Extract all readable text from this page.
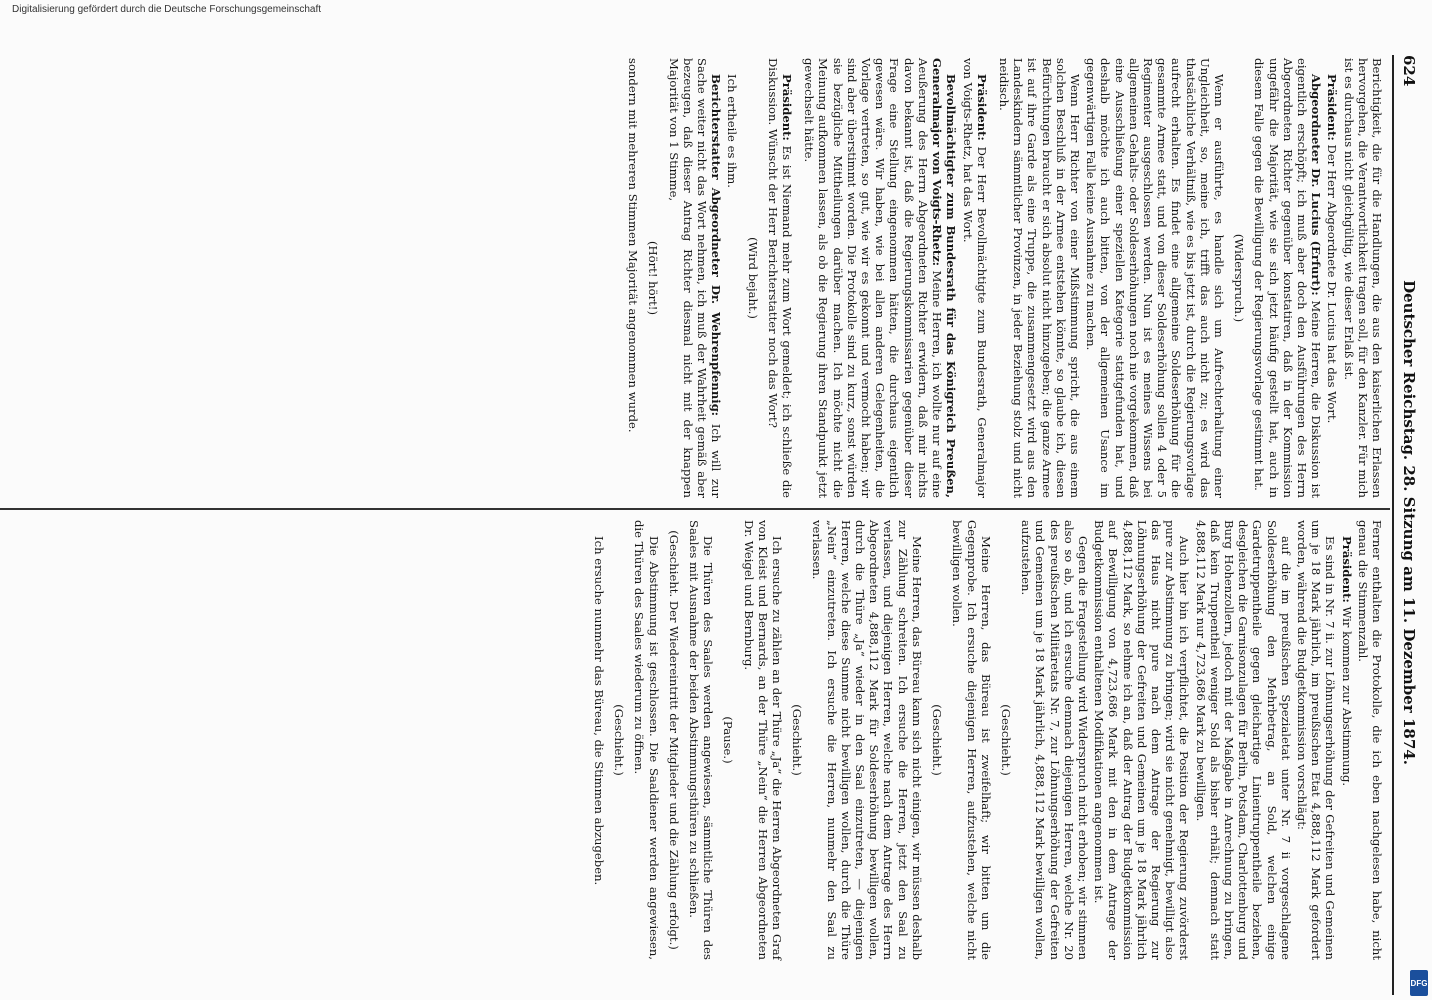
624
Deutscher Reichstag. 28. Sitzung am 11. Dezember 1874.

Berichtigkeit, die für die Handlungen, die aus den kaiserlichen Erlassen hervorgehen, die Verantwortlichkeit tragen soll, für den Kanzler. Für mich ist es durchaus nicht gleichgültig, wie dieser Erlaß ist.

Präsident: Der Herr Abgeordnete Dr. Lucius hat das Wort.

Abgeordneter Dr. Lucius (Erfurt): Meine Herren, die Diskussion ist eigentlich erschöpft; ich muß aber doch den Ausführungen des Herrn Abgeordneten Richter gegenüber konstatiren, daß in der Kommission ungefähr die Majorität, wie sie sich jetzt häufig gestellt hat, auch in diesem Falle gegen die Bewilligung der Regierungsvorlage gestimmt hat.

(Widerspruch.)

Wenn er ausführte, es handle sich um Aufrechterhaltung einer Ungleichheit, so, meine ich, trifft das auch nicht zu; es wird das thatsächliche Verhältniß, wie es bis jetzt ist, durch die Regierungsvorlage aufrecht erhalten. Es findet eine allgemeine Soldeserhöhung für die gesammte Armee statt, und von dieser Soldeserhöhung sollen 4 oder 5 Regimenter ausgeschlossen werden. Nun ist es meines Wissens bei allgemeinen Gehalts- oder Soldeserhöhungen noch nie vorgekommen, daß eine Ausschließung einer speziellen Kategorie stattgefunden hat, und deshalb möchte ich auch bitten, von der allgemeinen Usance im gegenwärtigen Falle keine Ausnahme zu machen.

Wenn Herr Richter von einer Mißstimmung spricht, die aus einem solchen Beschluß in der Armee entstehen könnte, so glaube ich, diesen Befürchtungen braucht er sich absolut nicht hinzugeben; die ganze Armee ist auf ihre Garde als eine Truppe, die zusammengesetzt wird aus den Landeskindern sämmtlicher Provinzen, in jeder Beziehung stolz und nicht neidisch.

Präsident: Der Herr Bevollmächtigte zum Bundesrath, Generalmajor von Voigts-Rhetz, hat das Wort.

Bevollmächtigter zum Bundesrath für das Königreich Preußen, Generalmajor von Voigts-Rhetz: Meine Herren, ich wollte nur auf eine Aeußerung des Herrn Abgeordneten Richter erwidern, daß mir nichts davon bekannt ist, daß die Regierungskommissarien gegenüber dieser Frage eine Stellung eingenommen hätten, die durchaus eigentlich gewesen wäre. Wir haben, wie bei allen anderen Gelegenheiten, die Vorlage vertreten, so gut, wie wir es gekonnt und vermocht haben; wir sind aber überstimmt worden. Die Protokolle sind zu kurz, sonst würden sie bezügliche Mittheilungen darüber machen. Ich möchte nicht die Meinung aufkommen lassen, als ob die Regierung ihren Standpunkt jetzt gewechselt hätte.

Präsident: Es ist Niemand mehr zum Wort gemeldet; ich schließe die Diskussion. Wünscht der Herr Berichterstatter noch das Wort?

(Wird bejaht.)

Ich ertheile es ihm.

Berichterstatter Abgeordneter Dr. Wehrenpfennig: Ich will zur Sache weiter nicht das Wort nehmen, ich muß der Wahrheit gemäß aber bezeugen, daß dieser Antrag Richter diesmal nicht mit der knappen Majorität von 1 Stimme,

(Hört! hört!)

sondern mit mehreren Stimmen Majorität angenommen wurde.

Ferner enthalten die Protokolle, die ich eben nachgelesen habe, nicht genau die Stimmenzahl.

Präsident: Wir kommen zur Abstimmung.

Es sind in Nr. 7 ii. zur Löhnungserhöhung der Gefreiten und Gemeinen um je 18 Mark jährlich, im preußischen Etat 4,888,112 Mark gefordert worden, während die Budgetkommission vorschlägt:

auf die im preußischen Spezialetat unter Nr. 7 ii vorgeschlagene Soldeserhöhung den Mehrbetrag, an Sold, welchen einige Gardetruppentheile gegen gleichartige Linientruppentheile beziehen, desgleichen die Garnisonzulagen für Berlin, Potsdam, Charlottenburg und Burg Hohenzollern, jedoch mit der Maßgabe in Anrechnung zu bringen, daß kein Truppentheil weniger Sold als bisher erhält; demnach statt 4,888,112 Mark nur 4,723,686 Mark zu bewilligen.

Auch hier bin ich verpflichtet, die Position der Regierung zuvörderst pure zur Abstimmung zu bringen; wird sie nicht genehmigt, bewilligt also das Haus nicht pure nach dem Antrage der Regierung zur Löhnungserhöhung der Gefreiten und Gemeinen um je 18 Mark jährlich 4,888,112 Mark, so nehme ich an, daß der Antrag der Budgetkommission auf Bewilligung von 4,723,686 Mark mit den in dem Antrage der Budgetkommission enthaltenen Modifikationen angenommen ist.

Gegen die Fragestellung wird Widerspruch nicht erhoben; wir stimmen also so ab, und ich ersuche demnach diejenigen Herren, welche Nr. 20 des preußischen Militäretats Nr. 7, zur Löhnungserhöhung der Gefreiten und Gemeinen um je 18 Mark jährlich, 4,888,112 Mark bewilligen wollen, aufzustehen.

(Geschieht.)

Meine Herren, das Büreau ist zweifelhaft; wir bitten um die Gegenprobe. Ich ersuche diejenigen Herren, aufzustehen, welche nicht bewilligen wollen.

(Geschieht.)

Meine Herren, das Büreau kann sich nicht einigen, wir müssen deshalb zur Zählung schreiten. Ich ersuche die Herren, jetzt den Saal zu verlassen, und diejenigen Herren, welche nach dem Antrage des Herrn Abgeordneten 4,888,112 Mark für Soldeserhöhung bewilligen wollen, durch die Thüre „Ja“ wieder in den Saal einzutreten, — diejenigen Herren, welche diese Summe nicht bewilligen wollen, durch die Thüre „Nein“ einzutreten. Ich ersuche die Herren, nunmehr den Saal zu verlassen.

(Geschieht.)

Ich ersuche zu zählen an der Thüre „Ja“ die Herren Abgeordneten Graf von Kleist und Bernards, an der Thüre „Nein“ die Herren Abgeordneten Dr. Weigel und Bernburg.

(Pause.)

Die Thüren des Saales werden angewiesen, sämmtliche Thüren des Saales mit Ausnahme der beiden Abstimmungsthüren zu schließen.

(Geschieht. Der Wiedereintritt der Mitglieder und die Zählung erfolgt.)

Die Abstimmung ist geschlossen. Die Saaldiener werden angewiesen, die Thüren des Saales wiederum zu öffnen.

(Geschieht.)

Ich ersuche nunmehr das Büreau, die Stimmen abzugeben.

Digitalisierung gefördert durch die Deutsche Forschungsgemeinschaft
DFG
